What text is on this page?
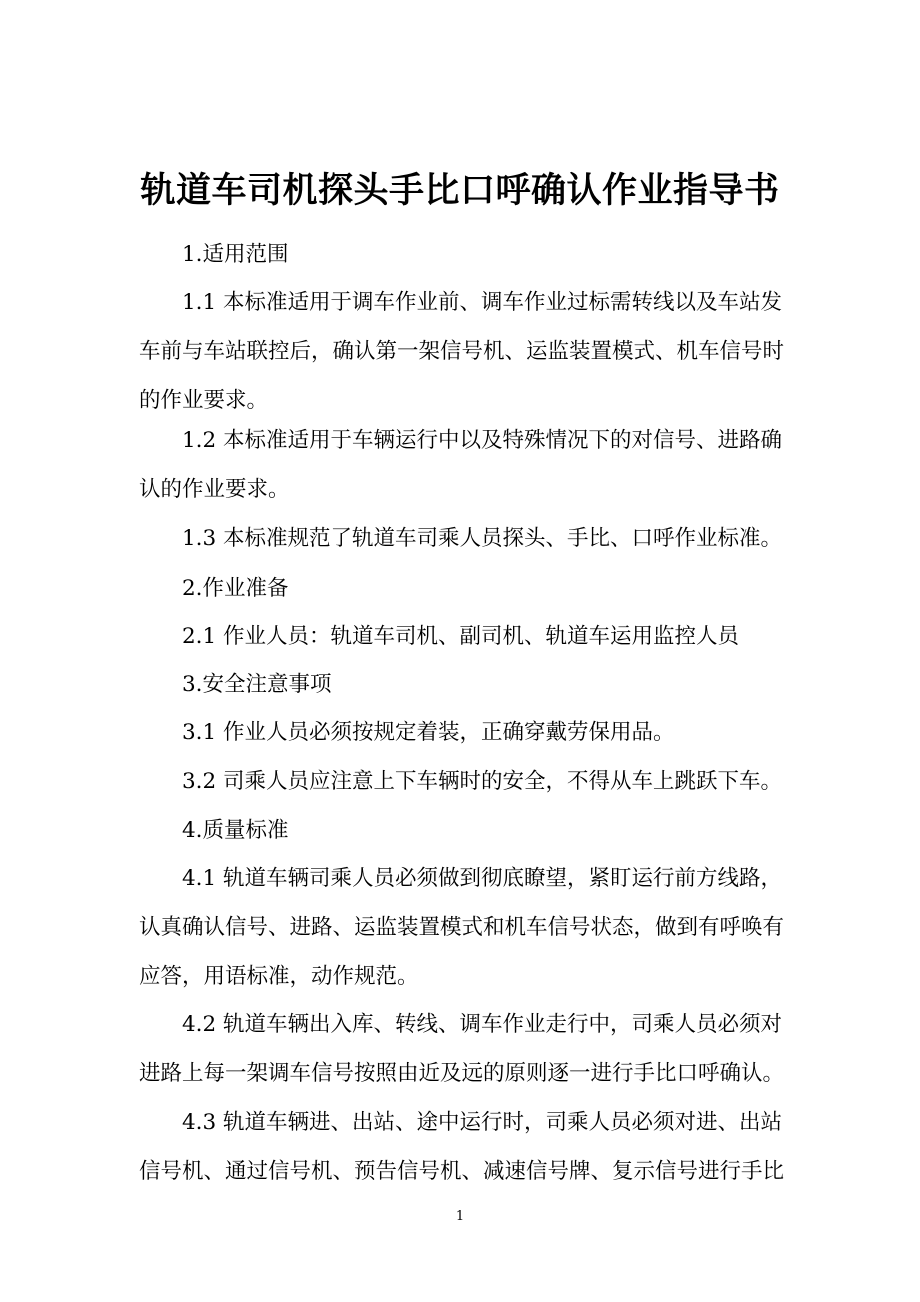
轨道车司机探头手比口呼确认作业指导书

1.适用范围

1.1 本标准适用于调车作业前、调车作业过标需转线以及车站发车前与车站联控后，确认第一架信号机、运监装置模式、机车信号时的作业要求。

1.2 本标准适用于车辆运行中以及特殊情况下的对信号、进路确认的作业要求。

1.3 本标准规范了轨道车司乘人员探头、手比、口呼作业标准。

2.作业准备

2.1 作业人员：轨道车司机、副司机、轨道车运用监控人员

3.安全注意事项

3.1 作业人员必须按规定着装，正确穿戴劳保用品。

3.2 司乘人员应注意上下车辆时的安全，不得从车上跳跃下车。

4.质量标准

4.1 轨道车辆司乘人员必须做到彻底瞭望，紧盯运行前方线路，认真确认信号、进路、运监装置模式和机车信号状态，做到有呼唤有应答，用语标准，动作规范。

4.2 轨道车辆出入库、转线、调车作业走行中，司乘人员必须对进路上每一架调车信号按照由近及远的原则逐一进行手比口呼确认。

4.3 轨道车辆进、出站、途中运行时，司乘人员必须对进、出站信号机、通过信号机、预告信号机、减速信号牌、复示信号进行手比

1
